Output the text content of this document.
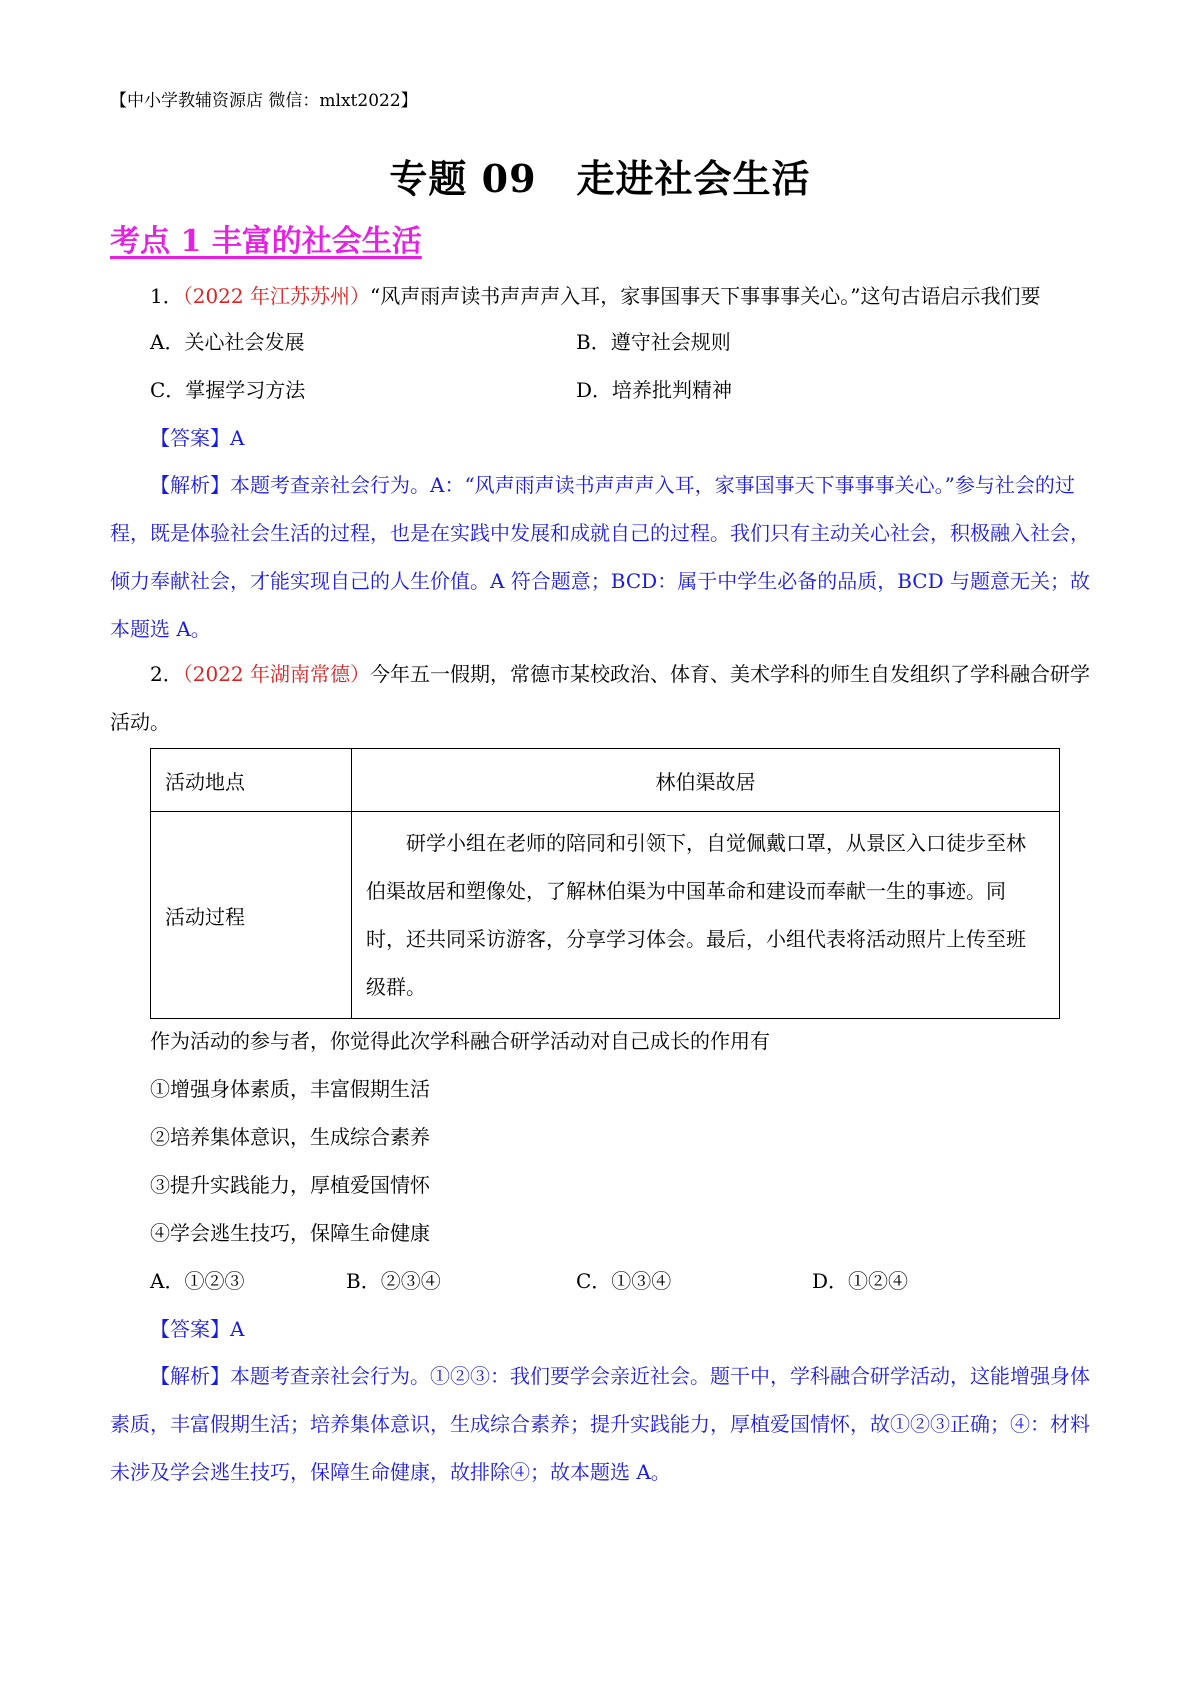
【中小学教辅资源店 微信：mlxt2022】
专题 09 走进社会生活
考点 1 丰富的社会生活
1．（2022 年江苏苏州）“风声雨声读书声声声入耳，家事国事天下事事事关心。”这句古语启示我们要
A．关心社会发展	B．遵守社会规则
C．掌握学习方法	D．培养批判精神
【答案】A
【解析】本题考查亲社会行为。A：“风声雨声读书声声声入耳，家事国事天下事事事关心。”参与社会的过程，既是体验社会生活的过程，也是在实践中发展和成就自己的过程。我们只有主动关心社会，积极融入社会，倾力奉献社会，才能实现自己的人生价值。A 符合题意；BCD：属于中学生必备的品质，BCD 与题意无关；故本题选 A。
2．（2022 年湖南常德）今年五一假期，常德市某校政治、体育、美术学科的师生自发组织了学科融合研学活动。
活动地点	林伯渠故居
活动过程	研学小组在老师的陪同和引领下，自觉佩戴口罩，从景区入口徒步至林伯渠故居和塑像处，了解林伯渠为中国革命和建设而奉献一生的事迹。同时，还共同采访游客，分享学习体会。最后，小组代表将活动照片上传至班级群。
作为活动的参与者，你觉得此次学科融合研学活动对自己成长的作用有
①增强身体素质，丰富假期生活
②培养集体意识，生成综合素养
③提升实践能力，厚植爱国情怀
④学会逃生技巧，保障生命健康
A．①②③	B．②③④	C．①③④	D．①②④
【答案】A
【解析】本题考查亲社会行为。①②③：我们要学会亲近社会。题干中，学科融合研学活动，这能增强身体素质，丰富假期生活；培养集体意识，生成综合素养；提升实践能力，厚植爱国情怀，故①②③正确；④：材料未涉及学会逃生技巧，保障生命健康，故排除④；故本题选 A。
